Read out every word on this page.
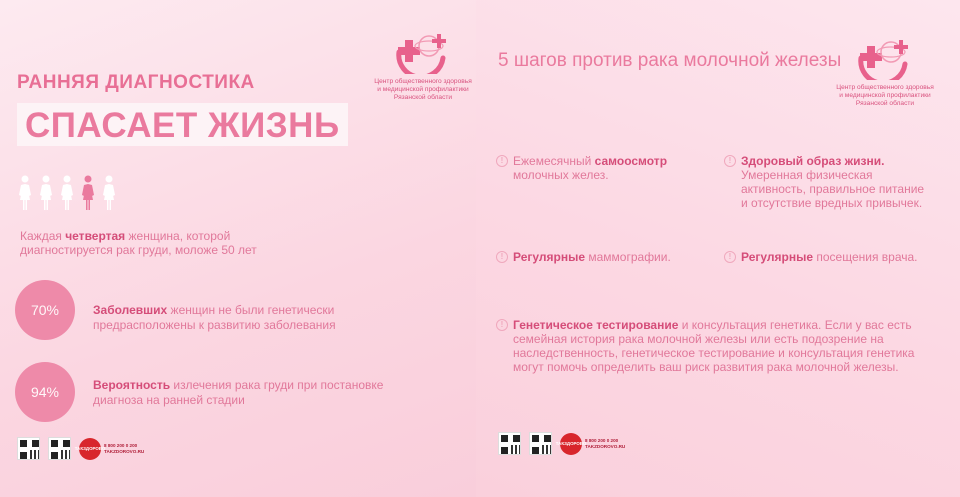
Центр общественного здоровья
и медицинской профилактики
Рязанской области
РАННЯЯ ДИАГНОСТИКА
СПАСАЕТ ЖИЗНЬ
Каждая четвертая женщина, которой диагностируется рак груди, моложе 50 лет
70%	Заболевших женщин не были генетически предрасположены к развитию заболевания
94%	Вероятность излечения рака груди при постановке диагноза на ранней стадии
ТАКЗДОРОВО
8 800 200 0 200
TAKZDOROVO.RU
5 шагов против рака молочной железы
Центр общественного здоровья
и медицинской профилактики
Рязанской области
! Ежемесячный самоосмотр молочных желез.
! Здоровый образ жизни. Умеренная физическая активность, правильное питание и отсутствие вредных привычек.
! Регулярные маммографии.	! Регулярные посещения врача.
! Генетическое тестирование и консультация генетика. Если у вас есть семейная история рака молочной железы или есть подозрение на наследственность, генетическое тестирование и консультация генетика могут помочь определить ваш риск развития рака молочной железы.
ТАКЗДОРОВО
8 800 200 0 200
TAKZDOROVO.RU
